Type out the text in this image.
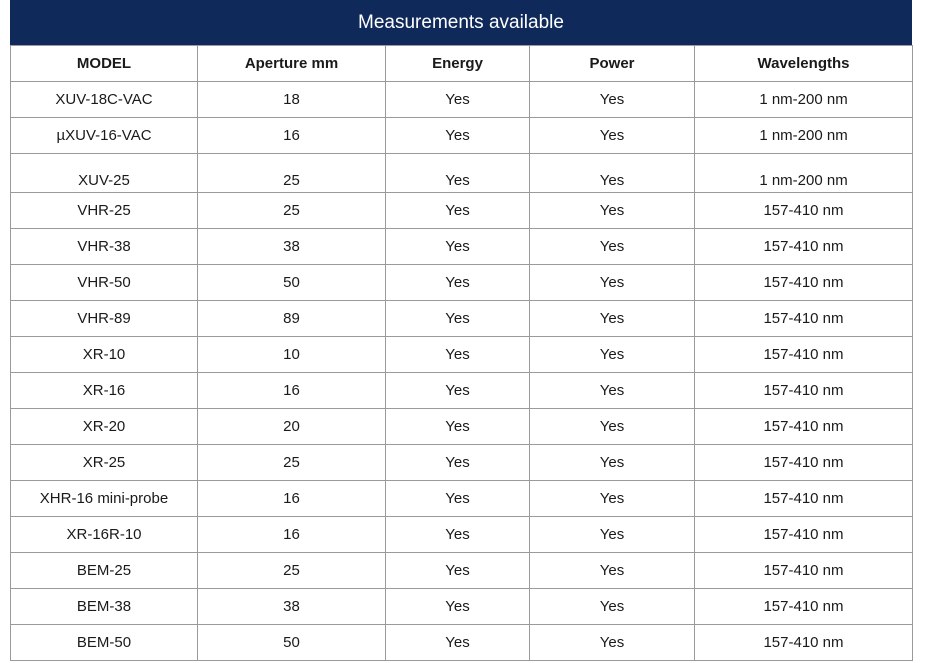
Measurements available
MODEL	Aperture mm	Energy	Power	Wavelengths
XUV-18C-VAC	18	Yes	Yes	1 nm-200 nm
µXUV-16-VAC	16	Yes	Yes	1 nm-200 nm
XUV-25	25	Yes	Yes	1 nm-200 nm
VHR-25	25	Yes	Yes	157-410 nm
VHR-38	38	Yes	Yes	157-410 nm
VHR-50	50	Yes	Yes	157-410 nm
VHR-89	89	Yes	Yes	157-410 nm
XR-10	10	Yes	Yes	157-410 nm
XR-16	16	Yes	Yes	157-410 nm
XR-20	20	Yes	Yes	157-410 nm
XR-25	25	Yes	Yes	157-410 nm
XHR-16 mini-probe	16	Yes	Yes	157-410 nm
XR-16R-10	16	Yes	Yes	157-410 nm
BEM-25	25	Yes	Yes	157-410 nm
BEM-38	38	Yes	Yes	157-410 nm
BEM-50	50	Yes	Yes	157-410 nm
